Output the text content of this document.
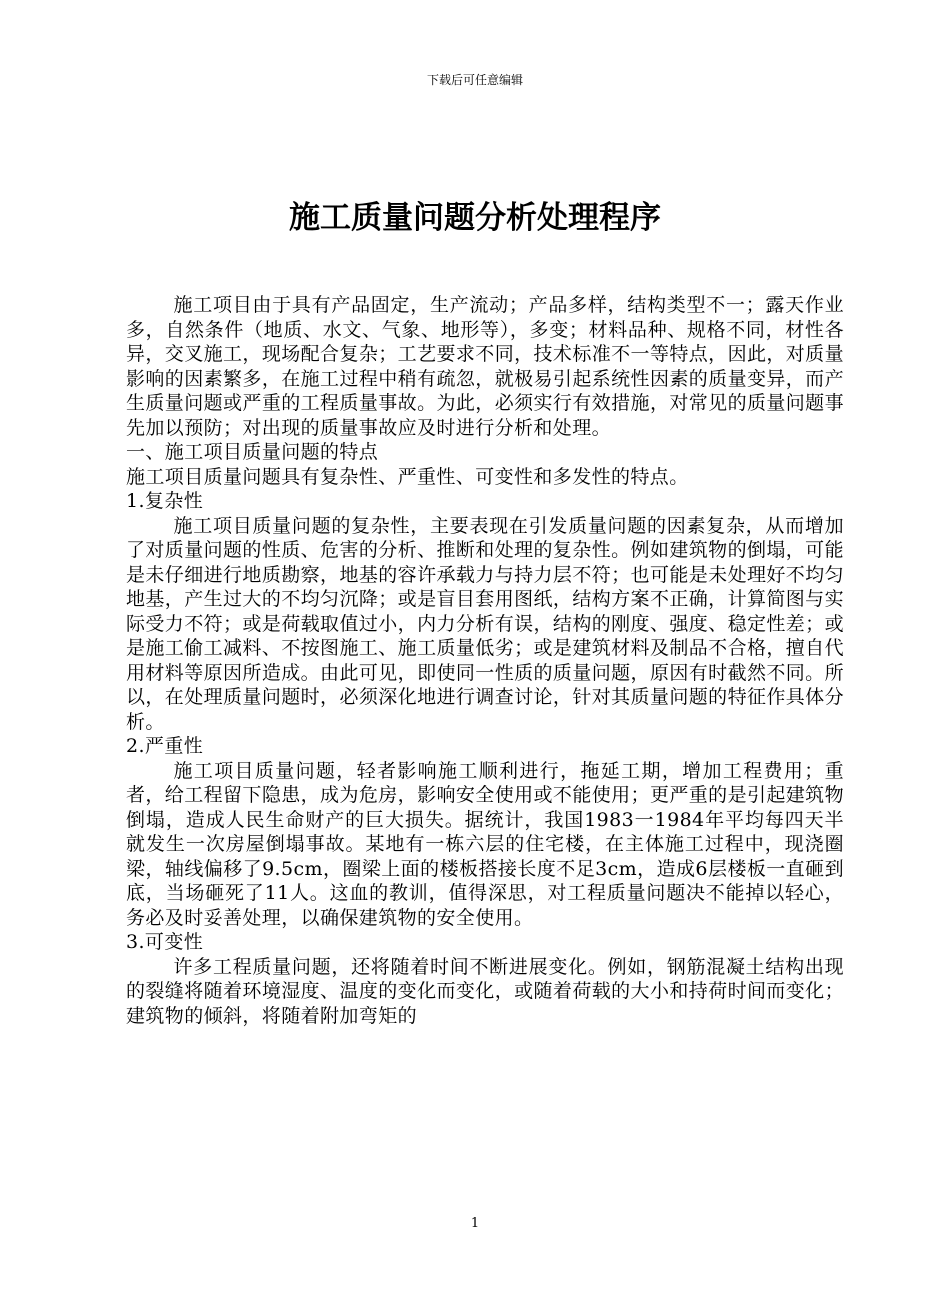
下载后可任意编辑
施工质量问题分析处理程序

施工项目由于具有产品固定，生产流动；产品多样，结构类型不一；露天作业多，自然条件（地质、水文、气象、地形等），多变；材料品种、规格不同，材性各异，交叉施工，现场配合复杂；工艺要求不同，技术标准不一等特点，因此，对质量影响的因素繁多，在施工过程中稍有疏忽，就极易引起系统性因素的质量变异，而产生质量问题或严重的工程质量事故。为此，必须实行有效措施，对常见的质量问题事先加以预防；对出现的质量事故应及时进行分析和处理。

一、施工项目质量问题的特点

施工项目质量问题具有复杂性、严重性、可变性和多发性的特点。

1.复杂性

施工项目质量问题的复杂性，主要表现在引发质量问题的因素复杂，从而增加了对质量问题的性质、危害的分析、推断和处理的复杂性。例如建筑物的倒塌，可能是未仔细进行地质勘察，地基的容许承载力与持力层不符；也可能是未处理好不均匀地基，产生过大的不均匀沉降；或是盲目套用图纸，结构方案不正确，计算简图与实际受力不符；或是荷载取值过小，内力分析有误，结构的刚度、强度、稳定性差；或是施工偷工减料、不按图施工、施工质量低劣；或是建筑材料及制品不合格，擅自代用材料等原因所造成。由此可见，即使同一性质的质量问题，原因有时截然不同。所以，在处理质量问题时，必须深化地进行调查讨论，针对其质量问题的特征作具体分析。

2.严重性

施工项目质量问题，轻者影响施工顺利进行，拖延工期，增加工程费用；重者，给工程留下隐患，成为危房，影响安全使用或不能使用；更严重的是引起建筑物倒塌，造成人民生命财产的巨大损失。据统计，我国1983一1984年平均每四天半就发生一次房屋倒塌事故。某地有一栋六层的住宅楼，在主体施工过程中，现浇圈梁，轴线偏移了9.5cm，圈梁上面的楼板搭接长度不足3cm，造成6层楼板一直砸到底，当场砸死了11人。这血的教训，值得深思，对工程质量问题决不能掉以轻心，务必及时妥善处理，以确保建筑物的安全使用。

3.可变性

许多工程质量问题，还将随着时间不断进展变化。例如，钢筋混凝土结构出现的裂缝将随着环境湿度、温度的变化而变化，或随着荷载的大小和持荷时间而变化；建筑物的倾斜，将随着附加弯矩的

1
